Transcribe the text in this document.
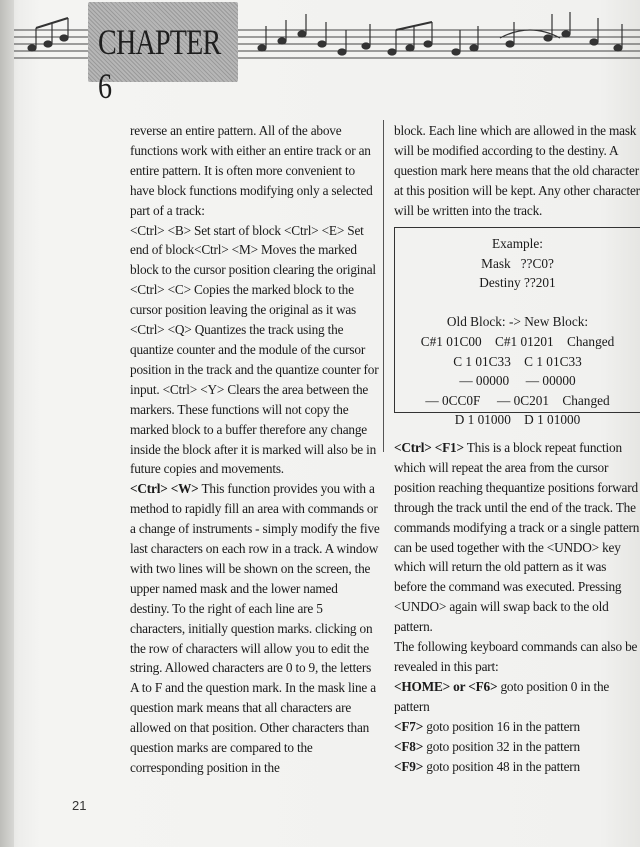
CHAPTER 6

reverse an entire pattern. All of the above functions work with either an entire track or an entire pattern. It is often more convenient to have block functions modifying only a selected part of a track:

<Ctrl> <B> Set start of block <Ctrl> <E> Set end of block<Ctrl> <M> Moves the marked block to the cursor position clearing the original <Ctrl> <C> Copies the marked block to the cursor position leaving the original as it was <Ctrl> <Q> Quantizes the track using the quantize counter and the module of the cursor position in the track and the quantize counter for input. <Ctrl> <Y> Clears the area between the markers. These functions will not copy the marked block to a buffer therefore any change inside the block after it is marked will also be in future copies and movements.

<Ctrl> <W> This function provides you with a method to rapidly fill an area with commands or a change of instruments - simply modify the five last characters on each row in a track. A window with two lines will be shown on the screen, the upper named mask and the lower named destiny. To the right of each line are 5 characters, initially question marks. clicking on the row of characters will allow you to edit the string. Allowed characters are 0 to 9, the letters A to F and the question mark. In the mask line a question mark means that all characters are allowed on that position. Other characters than question marks are compared to the corresponding position in the

block. Each line which are allowed in the mask will be modified according to the destiny. A question mark here means that the old character at this position will be kept. Any other character will be written into the track.

Example:
Mask   ??C0?
Destiny ??201

Old Block: -> New Block:
C#1 01C00    C#1 01201    Changed
C 1 01C33    C 1 01C33
— 00000     — 00000
— 0CC0F     — 0C201    Changed
D 1 01000    D 1 01000

<Ctrl> <F1> This is a block repeat function which will repeat the area from the cursor position reaching thequantize positions forward through the track until the end of the track. The commands modifying a track or a single pattern can be used together with the <UNDO> key which will return the old pattern as it was before the command was executed. Pressing <UNDO> again will swap back to the old pattern.

The following keyboard commands can also be revealed in this part:

<HOME> or <F6> goto position 0 in the pattern

<F7> goto position 16 in the pattern

<F8> goto position 32 in the pattern

<F9> goto position 48 in the pattern

21
